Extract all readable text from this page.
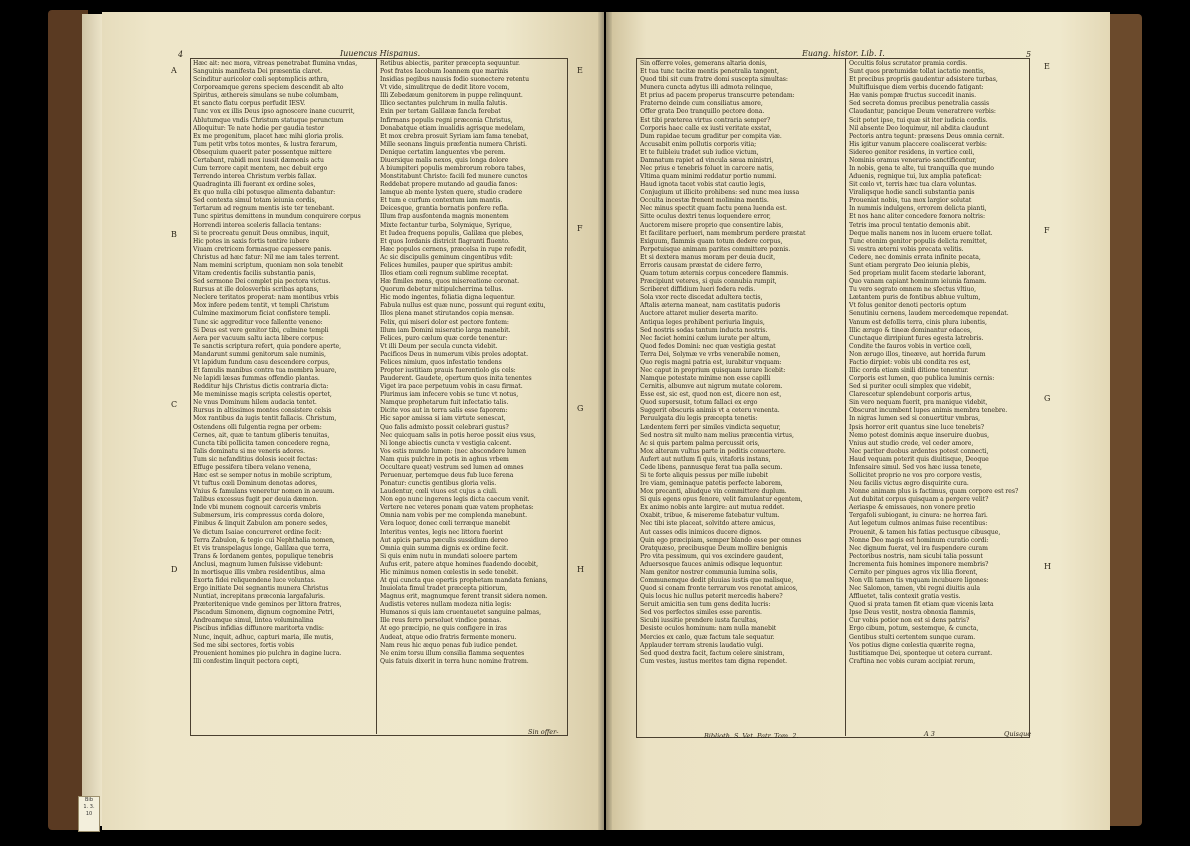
Bib
1. 3.
10
4	Iuuencus Hispanus.
A
B
C
D
E
F
G
H
Hæc ait: nec mora, vitreas penetrabat flumina vndas,
Sanguinis manifesta Dei præsentia claret.
Scinditur auricolor cœli septemplicis æthra,
Corporeamque gerens speciem descendit ab alto
Spiritus, æthereis simulans se nube columbam,
Et sancto flatu corpus perfudit IESV.
Tunc vox ex illis Deus ipso agnoscere inane cucurrit,
Ablutumque vndis Christum statuque perunctum
Alloquitur: Te nate hodie per gaudia testor
Ex me progenitum, placet hæc mihi gloria prolis.
Tum petit vrbs totos montes, & lustra ferarum,
Obsequium quaerit pater possentque mittere
Certabant, rabidi mox iussit dæmonis actu
Cum terrore capit mentem, nec debuit ergo
Terrendo interea Christum verbis fallax.
Quadraginta illi fuerant ex ordine soles,
Ex quo nulla cibi potusque alimenta dabantur:
Sed contexta simul totam ieiunia cordis,
Tertarum ad regnum mentis iste ter tenebant.
Tunc spiritus demittens in mundum conquirere corpus
Horrendi interea sceleris fallacia tentans:
Si te procreatu genuit Deus omnibus, inquit,
Hic potes in saxis fortis tentire iubere
Viuam cretricem formasque capessere panis.
Christus ad hæc fatur: Nil me iam tales terrent.
Nam memini scriptum, quoniam non sola tenebit
Vitam credentis facilis substantia panis,
Sed sermone Dei complet pia pectora victus.
Rursus at ille dolosverbis scribas aptans,
Neclere teritatos properat: nam montibus vrbis
Mox infere pedem tentit, vt templi Christum
Culmine maximorum ficiat confistere templi.
Tunc sic aggreditur voce fallentte veneno:
Si Deus est vere genitor tibi, culmine templi
Aera per vacuum saltu iacta libere corpus:
Te sanctis scriptura refert, quia pondere aperte,
Mandarunt summi genitorum sale numinis,
Vt lapidum fundum casu descendere corpus,
Et famulis manibus contra tua membra leuare,
Ne lapidi læsas fummas offendio plantas.
Redditur hijs Christus dictis contraria dicta:
Me meminisse magis scripta celestis opertet,
Ne vnus Dominum hilem audacia tentet.
Rursus in altissimos montes consistere celsis
Mox rantibus da iugis tentit fallacis. Christum,
Ostendens olli fulgentia regna per orbem:
Cernes, ait, quæ te tantum gliberis tenuitas,
Cuncta tibi pollicita tamen concedere regna,
Talis dominatu si me veneris adores.
Tum sic nefanditius dolosis ieceit fectas:
Effuge pessifera tibera velano venena,
Hæc est se semper notus in mobile scriptum,
Vt tuftus cœli Dominum denotas adores,
Vnius & famulans veneretur nomen in aeuum.
Talibus excessus fugit per deuia dæmon.
Inde vbi munem cognouit carceris vmbris
Submersum, iris compressus corda dolore,
Finibus & linquit Zabulon am ponere sedes,
Ve dictum Isaiae concurreret ordine fecit:
Terra Zabulon, & tegio cui Nephthalia nomen,
Et vis transpelagus longe, Galilæa que terra,
Trans & Iordanem gentes, populique tenebris
Anclusi, magnum lumen fulsisse videbunt:
In mortisque illis vmbra residentibus, alma
Exorta fidei reliquendene luce voluntas.
Ergo initiate Dei segnantis munera Christus
Nuntiat, increpitans præconia largafaluris.
Præteritenique vnde geminos per littora fratres,
Piscadum Simonem, dignum cognomine Petri,
Andreamque simul, lintea voluminalina
Piscibus infidias diffunore maritorta vndis:
Nunc, inquit, adhuc, capturi maria, ille mutis,
Sed me sibi sectores, fortis vobis
Prouenient homines pio pulchra in dagine lucra.
Illi confestim linquit pectora cepti,
Retibus abiectis, pariter præcepta sequuntur.
Post frates Iacobum Ioannem que marinis
Insidias pegibus nausis fodio suonectere retentu
Vt vide, simulitrque de dedit litore vocem,
Illi Zebedæum genitorem in puppe relinquunt.
Illico sectantes pulchrum in mulla falutis.
Exin per tertam Galilææ fancla ferebat
Infirmans populis regni præconia Christus,
Donabatque etiam inualidis agrisque medelam,
Et mox crebra prosuit Syriam iam fama tenebat,
Mille seonans linguis præfentia numera Christi.
Denique certatim languentes vbe perem.
Diuersique malis nexos, quis longa dolore
A biumpiteri populis membrorum robora tabes,
Monstitabunt Christo: facili fed munere cunctos
Reddebat propere mutando ad gaudia fanos:
Iamque ab mente lysten quere, studio cradere
Et tum e curfum contextum iam mantis.
Deicesque, grantia bornatis ponfere refla.
Illum frap ausfontenda magnis monentem
Mixte fectantur turba, Solymique, Syrique,
Et Iudea frequens populis, Galilæa que plebes,
Et quos Iordanis districit flagranti fluento.
Hæc populos cernens, præcelsa in rupe refedit,
Ac sic discipulis geminum cingentibus vdit:
Felices humiles, pauper que spiritus ambit:
Illos etiam cœli regnum sublime receptat.
Hæ fimiles mens, quos misereatione coronat.
Quorum debetur mitipulcherrima tellus.
Hic modo ingentes, foliatia digna lequentur.
Fabula nullus est quæ nunc, possunt qui regunt exitu,
Illos plena manet stirutandos copia mensæ.
Felix, qui miseri dolor est pectore fontem:
Illum iam Domini miseratio larga manebit.
Felices, puro cælum quæ corde tenentur:
Vt illi Deum per secula cuncta videbit.
Pacificos Deus in numerum vibis proles adoptat.
Felices nimium, quos infestatio tendens
Propter iustitiam prauis fuerentiolo gis cels:
Pauderent. Gaudete, opertum quos inita tenentes
Viget ira pace perpetuum vobis in casu firmat.
Plurimus iam infecere vobis se tunc vt notus,
Namque prophetarum fuit infectatio talis.
Dicite vos aut in terra salis esse faporem:
Hic sapor amissa si iam virtute senescat,
Quo falis admixto possit celebrari gustus?
Nec quicquam salis in potis heroe possit eius vsus,
Ni longe abiectis cuncta v vestigia calcent.
Vos estis mundo lumen: (nec abscondere lumen
Nam quis pulchre in potis in aghus vrbem
Occultare queat) vestrum sed lumen ad omnes
Peruenuar, pertemque deus fub luce ferena
Ponatur: cunctis gentibus gloria velis.
Laudentur, cœli viuos est cujus a ciuli.
Non ego nunc ingerens legis dicta caecum venit.
Vertere nec veteres ponam quæ vatem prophetas:
Omnia nam vobis per me complenda manebunt.
Vera loquor, donec cœli terræque manebit
Interitus ventes, legis nec littora fuerint
Aut apicis parua pæculis sussidium dereo
Omnia quin summa dignis ex ordine fecit.
Si quis enim nutu in mundati soloere partem
Aufus erit, patere atque homines fuadendo docebit,
Hic minimus nomen cœlestis in sede tenebit.
At qui cuncta que opertis prophetam mandata fenians,
Inuiolata fimul tradet præcepta pitiorum,
Magnus erit, magnumque ferent transit sidera nomen.
Audistis veteres nullam modeza nitia legis:
Humanos si quis iam cruentauetet sanguine palmas,
Ille reus ferro persoluet vindice pœnas.
At ego præcipio, ne quis configere in iras
Audeat, atque odio fratris fermente moneru.
Nam reus hic æquo penas fub iudice pendet.
Ne enim torsu illum consilia flamma sequentes
Quis fatuis dixerit in terra hunc nomine fratrem.
Sin offer-
Euang. histor. Lib. I.	5
E
F
G
H
Sin offerre voles, gemerans altaria donis,
Et tua tunc tacitæ mentis penetralia tangent,
Quod tibi sit cum fratre domi suscepta simultas:
Munera cuncta adytus illi admota relinque,
Et prius ad pacem properus transcurre petendam:
Fraterno deinde cum consiliatus amore,
Offer grata Deo tranquillo pectore dona.
Est tibi præterea virtus contraria semper?
Corporis haec calle ex iusti veritate exstat,
Dum rapidae tecum graditur per compita viæ.
Accusabit enim pollutis corporis vitia;
Et te fuibleiu tradet sub iudice victum,
Damnatum rapiet ad vincula sæua ministri,
Nec prius e tenebris foluet in carcere natis,
Vltima quam minimi reddatur portio nummi.
Haud ignota tacet vobis stat cautio legis,
Conjugium ut illicito prohibens: sed nunc mea iussa
Occulta incestæ frenent molimina mentis.
Nec minus spectit quam factu pœna luenda est.
Sitte oculus dextri tenus loquendere error,
Auctorem misere proprio que consentire labis,
Et facilitare perlueri, nam membrum perdere præstat
Exiguum, flammis quam totum dedere corpus,
Perpetuisque animam parites committere pœnis.
Et si dextera manus moram per deuia ducit,
Erroris causam præstat de cidere ferro,
Quam totum æternis corpus concedere flammis.
Præcipiunt veteres, si quis connubia rumpit,
Scriberet diffidium lueri federa redis.
Sola vxor recte discedat adultera tectis,
Aftalis æterna maneat, nam castitatis pudoris
Auctore attaret mulier deserta marito.
Antiqua leges prohibent periuria linguis,
Sed nostris sodas tantum inducta nostris.
Nec faciet homini cælum iurate per altum,
Quod fedes Domini: nec quæ vestigia gestat
Terra Dei, Solymæ ve vrbs venerabile nomen,
Quo regis magni patria est, iurabitur vnquam:
Nec caput in proprium quisquam iurare licebit:
Namque potestate minime non esse capilli
Cernitis, albumve aut nigrum mutate colorem.
Esse est, sic est, quod non est, dicere non est,
Quod supersusit, totum fallaci ex ergo
Suggerit obscuris animis vt a ceteru venenta.
Peruulgata diu legis præcepta tenetis:
Lædentem ferri per similes vindicta sequetur,
Sed nostra sit multo nam melius præcentia virtus,
Ac si quis partem palma percussit oris,
Mox alteram vultus parte in peditis conuertere.
Aufert aut nutlum fi quis, vitaforis instans,
Cede libens, pannusque ferat tua palla secum.
Si te forte aliquis pessus per mille iubebit
Ire viam, geminaque patetis perfecte laborem,
Mox precanti, aliudque vin committere duplum.
Si quis egens opus fenore, velit famulantur egentem,
Ex animo nobis ante largire: aut mutua reddet.
Oxabit, tribue, & misereme fatebatur vultum.
Nec tibi iste placeat, solvitdo attere amicus,
Aut casses odis inimicos ducere dignos.
Quin ego præcipiam, semper blando esse per omnes
Oratquæso, precibusque Deum mollire benignis
Pro vita pessimum, qui vos excindere gaudent,
Aduersosque fauces animis odisque lequontur.
Nam genitor nostrer communia lumina solis,
Communemque dedit pluuias iustis que malisque,
Quod si conam fronte terrarum vos renotat amicos,
Quis locus hic nullus peterit mercedis habere?
Seruit amicitia sen tum gens dedita lucris:
Sed vos perfectos similes esse parentis.
Sicubi iussitie prendere iusta facultas,
Desiste oculos hominum: nam nulla manebit
Mercies ex cælo, quæ factum tale sequatur.
Applauder terram strenis laudatio vulgi.
Sed quod dextra facit, factum celere sinistram,
Cum vestes, iustus merites tam digna rependet.
Occultis folus scrutator pramia cordis.
Sunt quos prætumidæ tollat iactatio mentis,
Et precibus propriis gaudentur adsistere turbas,
Multifluisque diem verbis ducendo fatigant:
Hæ vanis pompæ fructus succedit inanis.
Sed secreta domus precibus penetralia cassis
Claudantur, pancique Deum veneratrere verbis:
Scit potet ipse, tui quæ sit iter iudicia cordis.
Nil absente Deo loquimur, nil abdita claudunt
Pectoris antra tegunt: præsens Deus omnia cernit.
His igitur vanum placcere coaliscerat verbis:
Sidereo genitor residens, in vertice cœli,
Nominis oramus venerario sanctificentur,
In nobis, gena te alte, tui tranquilla que mundo
Aduenis, regnique tui, lux amplia pateficat:
Sit cœlo vt, terris hæc tua clara voluntas.
Viraliqsque hodie sancli substantia panis
Proueniat nobis, tua mox largior solutat
In nummis indulgens, errorem delicta pianti,
Et nos hanc aliter concedere fœnora noltris:
Tetris ima procul tentatio demonis abit.
Deque malis nanem nos in lucem eruere tollat.
Tunc etenim genitor populis delicta remittet,
Si vestra æterni vobis precata velitis.
Cedere, nec dominis errata infinite pecata,
Sunt etiam pergrato Deo ieiunia plebis,
Sed propriam mulit facem stedarie laborant,
Quo vanam capiant hominum ieiunia famam.
Tu vero segrato omnem ne sfectus vltiuo,
Lætantem puris de fontibus abhue vultum,
Vt folus genitor denoti pectoris optum
Senutiniu cernens, laudem mercedemque rependat.
Vanum est defollis terra, cinis plura iubentis,
Illic ærugo & tineæ dominantur edaces,
Cunctaque dirripiunt fures egesta latrebris.
Condite the fauros vobis in vertice cœli,
Non ærugo illos, tineæve, aut horrida furum
Factio dirpiet: vobis ubi condita res est,
Illic corda etiam sinili ditione tenentur.
Corporis est lumen, quo publica luminis cernis:
Sed si puriter oculi simplex que videbit,
Clarescetur splendebunt corporis artus,
Sin vero nequam fuerit, pra manique videbit,
Obscurat incumbent lupes animis membra tenebre.
In nigras lumen sed si conuertitur vmbras,
Ipsis horror erit quantus sine luce tenebris?
Nemo potest dominis æque inseruire duobus,
Vnius aut studio crede, vel ceder amore,
Nec pariter duobus ardentes potest connecti,
Haud vequam poterit quis diuitisque, Deoque
Infensaire simul. Sed vos hæc iussa tenete,
Sollicitet proprio ne vos pro corpore vestis,
Neu facilis victus ægro disquirite cura.
Nonne animam plus is factimus, quam corpore est res?
Aut dubitat corpus quisquam a pergere velit?
Aeriaspe & emissaues, non vonere pretio
Tergafoli subiogant, iu cinura: ne horrea fari.
Aut legetum culmos animas fuise recentibus:
Prouenit, & tamen his fatias pectusque cibusque,
Nonne Deo magis est hominum curatio cordi:
Nec dignum fuerat, vel ira fuspendere curam
Pectoribus nostris, nam sicubi talia possunt
Incrementa fuis homines imponere membris?
Cernito per pingues agros vix lilia florent,
Non vlli tamen tis vnquam incubuere ligones:
Nec Salomon, tamen, vbi regni diuitis aula
Affluetet, talis contexit gratia vestis.
Quod si prata tamen fit etiam quæ vicenis læta
Ipse Deus vestit, nostra obnoxia flammis,
Cur vobis potior non est si dens patris?
Ergo cibum, potum, sestemque, & cuncta,
Gentibus stulti certentem sunque curam.
Vos potius digne cœlestia quærite regna,
Iustitiamque Dei, sponteque ut cetera currant.
Craftina nec vobis curam accipiat rerum,
Biblioth. S. Vet. Patr. Tom. 2.	A 3	Quisque
